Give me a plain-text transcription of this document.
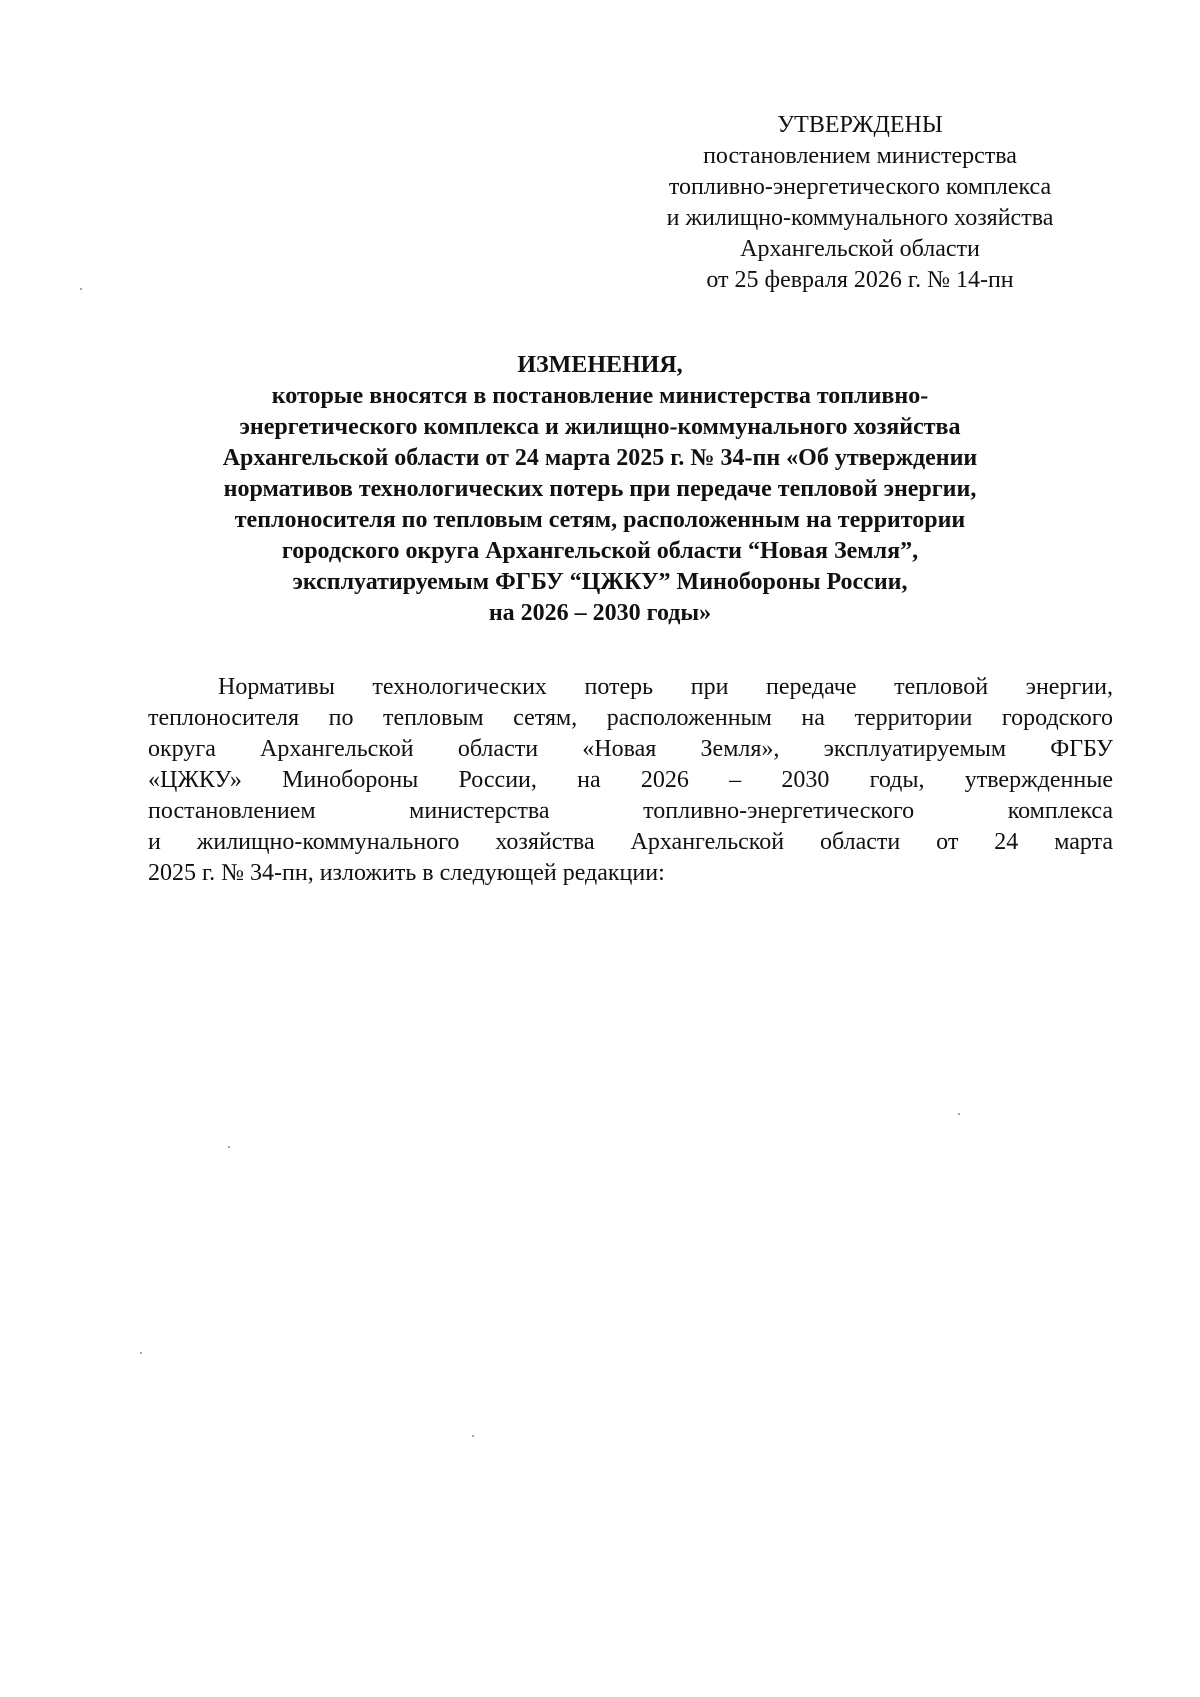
УТВЕРЖДЕНЫ
постановлением министерства
топливно-энергетического комплекса
и жилищно-коммунального хозяйства
Архангельской области
от 25 февраля 2026 г. № 14-пн
ИЗМЕНЕНИЯ,
которые вносятся в постановление министерства топливно-
энергетического комплекса и жилищно-коммунального хозяйства
Архангельской области от 24 марта 2025 г. № 34-пн «Об утверждении
нормативов технологических потерь при передаче тепловой энергии,
теплоносителя по тепловым сетям, расположенным на территории
городского округа Архангельской области “Новая Земля”,
эксплуатируемым ФГБУ “ЦЖКУ” Минобороны России,
на 2026 – 2030 годы»
Нормативы технологических потерь при передаче тепловой энергии,
теплоносителя по тепловым сетям, расположенным на территории городского
округа Архангельской области «Новая Земля», эксплуатируемым ФГБУ
«ЦЖКУ» Минобороны России, на 2026 – 2030 годы, утвержденные
постановлением министерства топливно-энергетического комплекса
и жилищно-коммунального хозяйства Архангельской области от 24 марта
2025 г. № 34-пн, изложить в следующей редакции:
